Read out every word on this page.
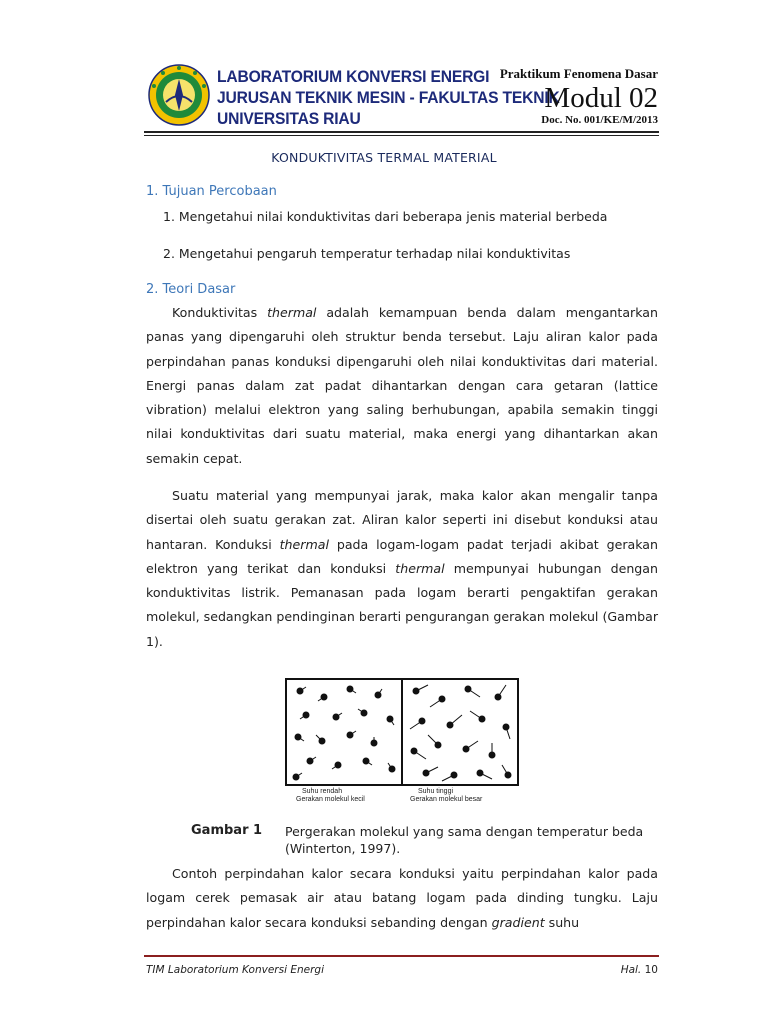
LABORATORIUM KONVERSI ENERGI
JURUSAN TEKNIK MESIN - FAKULTAS TEKNIK
UNIVERSITAS RIAU
Praktikum Fenomena Dasar
Modul 02
Doc. No. 001/KE/M/2013
KONDUKTIVITAS TERMAL MATERIAL
1. Tujuan Percobaan
1. Mengetahui nilai konduktivitas dari beberapa jenis material berbeda
2. Mengetahui pengaruh temperatur terhadap nilai konduktivitas
2. Teori Dasar

Konduktivitas thermal adalah kemampuan benda dalam mengantarkan panas yang dipengaruhi oleh struktur benda tersebut. Laju aliran kalor pada perpindahan panas konduksi dipengaruhi oleh nilai konduktivitas dari material. Energi panas dalam zat padat dihantarkan dengan cara getaran (lattice vibration) melalui elektron yang saling berhubungan, apabila semakin tinggi nilai konduktivitas dari suatu material, maka energi yang dihantarkan akan semakin cepat.

Suatu material yang mempunyai jarak, maka kalor akan mengalir tanpa disertai oleh suatu gerakan zat. Aliran kalor seperti ini disebut konduksi atau hantaran. Konduksi thermal pada logam-logam padat terjadi akibat gerakan elektron yang terikat dan konduksi thermal mempunyai hubungan dengan konduktivitas listrik. Pemanasan pada logam berarti pengaktifan gerakan molekul, sedangkan pendinginan berarti pengurangan gerakan molekul (Gambar 1).

Suhu rendah
Gerakan molekul kecil
Suhu tinggi
Gerakan molekul besar
Gambar 1 Pergerakan molekul yang sama dengan temperatur beda (Winterton, 1997).

Contoh perpindahan kalor secara konduksi yaitu perpindahan kalor pada logam cerek pemasak air atau batang logam pada dinding tungku. Laju perpindahan kalor secara konduksi sebanding dengan gradient suhu

TIM Laboratorium Konversi Energi	Hal. 10
